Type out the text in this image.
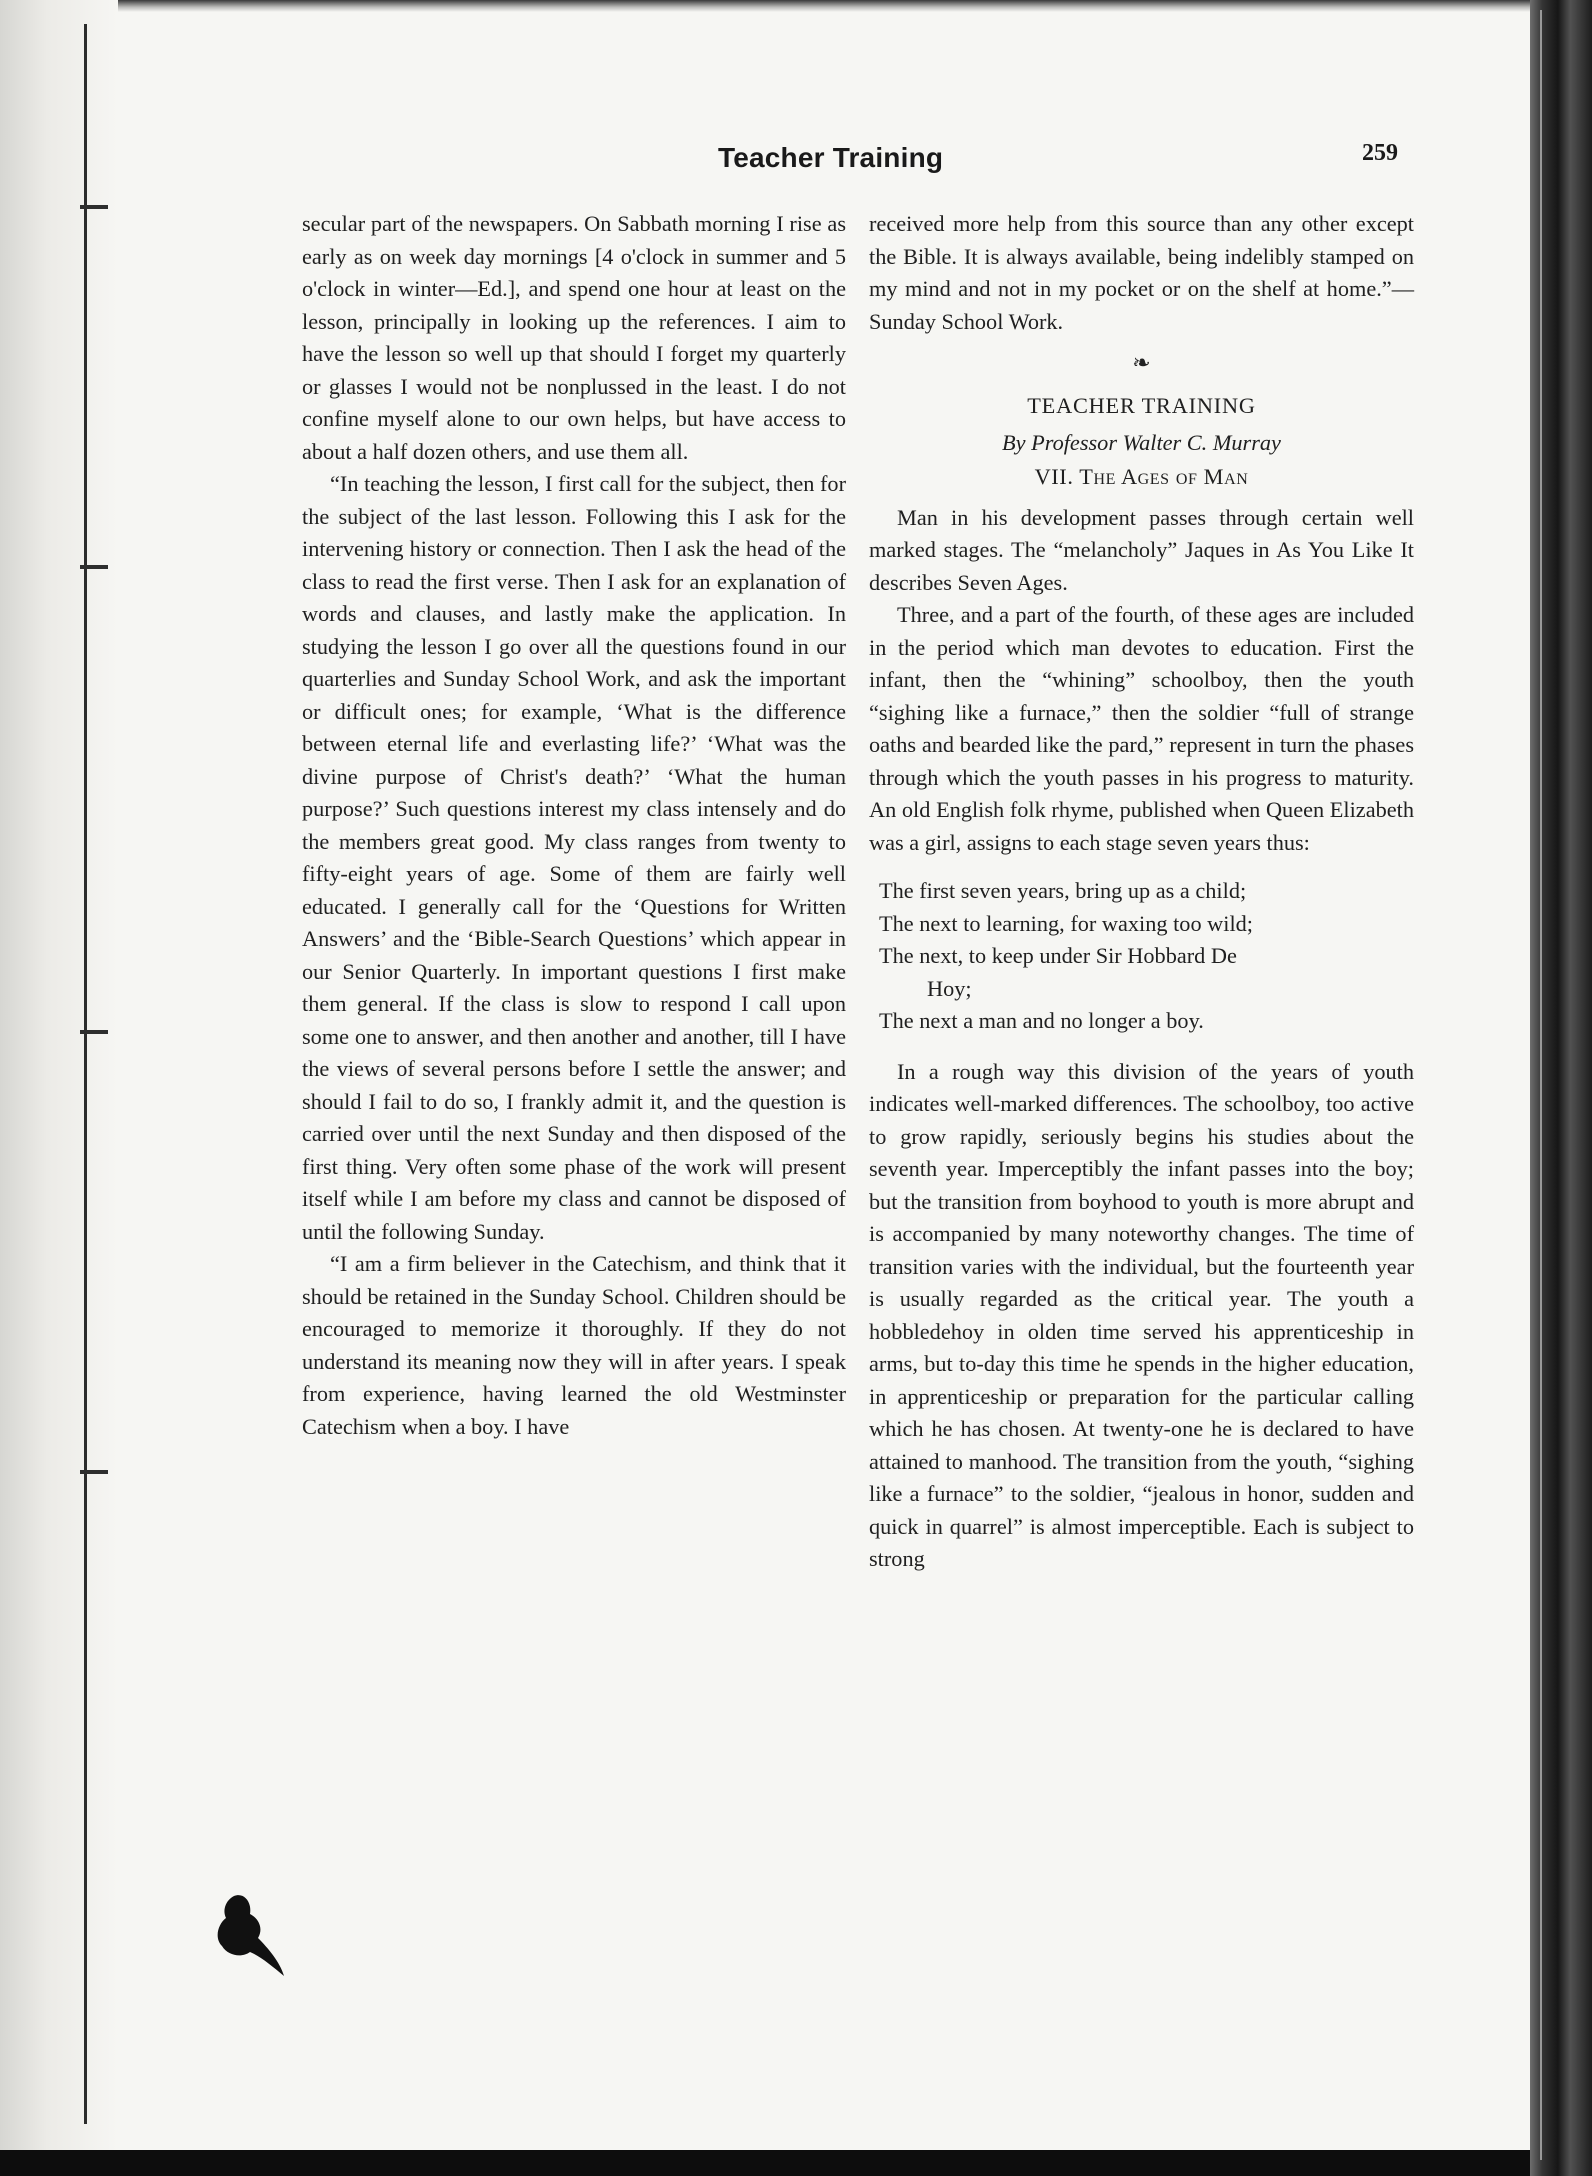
Teacher Training	259

secular part of the newspapers. On Sabbath morning I rise as early as on week day mornings [4 o'clock in summer and 5 o'clock in winter—Ed.], and spend one hour at least on the lesson, principally in looking up the references. I aim to have the lesson so well up that should I forget my quarterly or glasses I would not be nonplussed in the least. I do not confine myself alone to our own helps, but have access to about a half dozen others, and use them all.

“In teaching the lesson, I first call for the subject, then for the subject of the last lesson. Following this I ask for the intervening history or connection. Then I ask the head of the class to read the first verse. Then I ask for an explanation of words and clauses, and lastly make the application. In studying the lesson I go over all the questions found in our quarterlies and Sunday School Work, and ask the important or difficult ones; for example, ‘What is the difference between eternal life and everlasting life?’ ‘What was the divine purpose of Christ's death?’ ‘What the human purpose?’ Such questions interest my class intensely and do the members great good. My class ranges from twenty to fifty-eight years of age. Some of them are fairly well educated. I generally call for the ‘Questions for Written Answers’ and the ‘Bible-Search Questions’ which appear in our Senior Quarterly. In important questions I first make them general. If the class is slow to respond I call upon some one to answer, and then another and another, till I have the views of several persons before I settle the answer; and should I fail to do so, I frankly admit it, and the question is carried over until the next Sunday and then disposed of the first thing. Very often some phase of the work will present itself while I am before my class and cannot be disposed of until the following Sunday.

“I am a firm believer in the Catechism, and think that it should be retained in the Sunday School. Children should be encouraged to memorize it thoroughly. If they do not understand its meaning now they will in after years. I speak from experience, having learned the old Westminster Catechism when a boy. I have

received more help from this source than any other except the Bible. It is always available, being indelibly stamped on my mind and not in my pocket or on the shelf at home.”—Sunday School Work.

❧
TEACHER TRAINING
By Professor Walter C. Murray
VII. The Ages of Man

Man in his development passes through certain well marked stages. The “melancholy” Jaques in As You Like It describes Seven Ages.

Three, and a part of the fourth, of these ages are included in the period which man devotes to education. First the infant, then the “whining” schoolboy, then the youth “sighing like a furnace,” then the soldier “full of strange oaths and bearded like the pard,” represent in turn the phases through which the youth passes in his progress to maturity. An old English folk rhyme, published when Queen Elizabeth was a girl, assigns to each stage seven years thus:

The first seven years, bring up as a child;
The next to learning, for waxing too wild;
The next, to keep under Sir Hobbard De
Hoy;
The next a man and no longer a boy.

In a rough way this division of the years of youth indicates well-marked differences. The schoolboy, too active to grow rapidly, seriously begins his studies about the seventh year. Imperceptibly the infant passes into the boy; but the transition from boyhood to youth is more abrupt and is accompanied by many noteworthy changes. The time of transition varies with the individual, but the fourteenth year is usually regarded as the critical year. The youth a hobbledehoy in olden time served his apprenticeship in arms, but to-day this time he spends in the higher education, in apprenticeship or preparation for the particular calling which he has chosen. At twenty-one he is declared to have attained to manhood. The transition from the youth, “sighing like a furnace” to the soldier, “jealous in honor, sudden and quick in quarrel” is almost imperceptible. Each is subject to strong
